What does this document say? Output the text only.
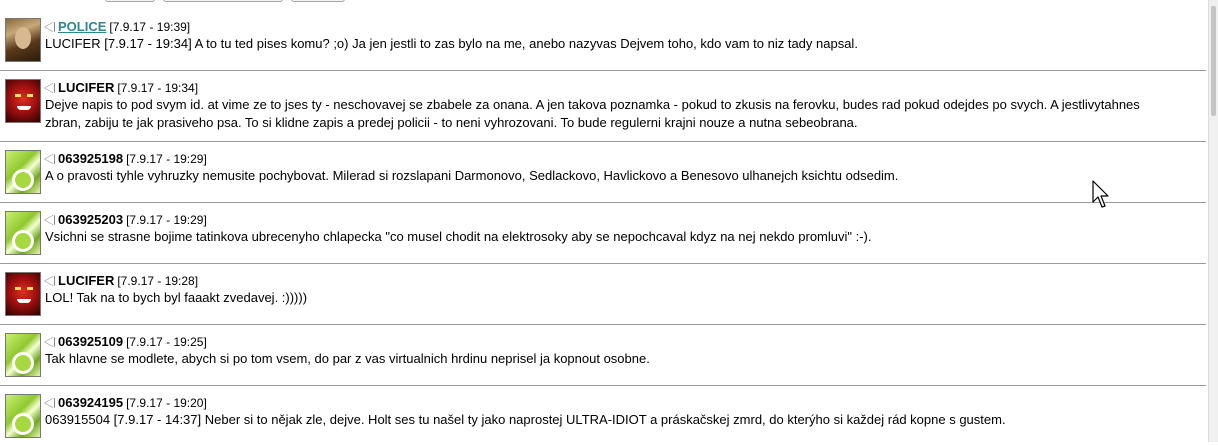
POLICE [7.9.17 - 19:39]
LUCIFER [7.9.17 - 19:34] A to tu ted pises komu? ;o) Ja jen jestli to zas bylo na me, anebo nazyvas Dejvem toho, kdo vam to niz tady napsal.
LUCIFER [7.9.17 - 19:34]
Dejve napis to pod svym id. at vime ze to jses ty - neschovavej se zbabele za onana. A jen takova poznamka - pokud to zkusis na ferovku, budes rad pokud odejdes po svych. A jestlivytahnes zbran, zabiju te jak prasiveho psa. To si klidne zapis a predej policii - to neni vyhrozovani. To bude regulerni krajni nouze a nutna sebeobrana.
063925198 [7.9.17 - 19:29]
A o pravosti tyhle vyhruzky nemusite pochybovat. Milerad si rozslapani Darmonovo, Sedlackovo, Havlickovo a Benesovo ulhanejch ksichtu odsedim.
063925203 [7.9.17 - 19:29]
Vsichni se strasne bojime tatinkova ubrecenyho chlapecka "co musel chodit na elektrosoky aby se nepochcaval kdyz na nej nekdo promluvi" :-).
LUCIFER [7.9.17 - 19:28]
LOL! Tak na to bych byl faaakt zvedavej. :)))))
063925109 [7.9.17 - 19:25]
Tak hlavne se modlete, abych si po tom vsem, do par z vas virtualnich hrdinu neprisel ja kopnout osobne.
063924195 [7.9.17 - 19:20]
063915504 [7.9.17 - 14:37] Neber si to nějak zle, dejve. Holt ses tu našel ty jako naprostej ULTRA-IDIOT a práskačskej zmrd, do kterýho si každej rád kopne s gustem.
